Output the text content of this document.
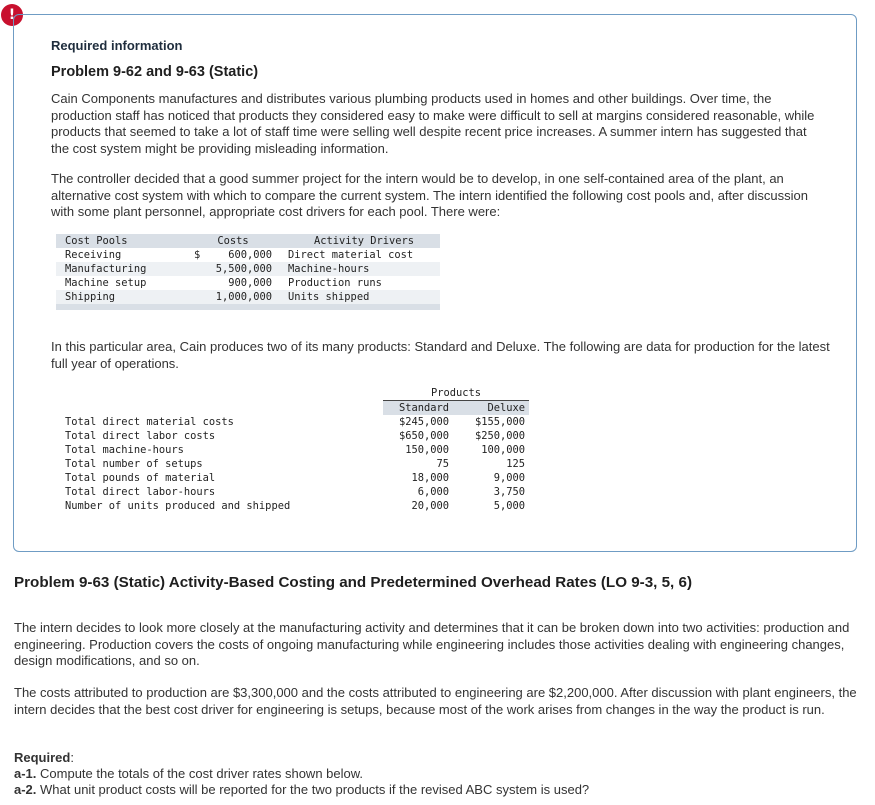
!
Required information
Problem 9-62 and 9-63 (Static)

Cain Components manufactures and distributes various plumbing products used in homes and other buildings. Over time, the production staff has noticed that products they considered easy to make were difficult to sell at margins considered reasonable, while products that seemed to take a lot of staff time were selling well despite recent price increases. A summer intern has suggested that the cost system might be providing misleading information.

The controller decided that a good summer project for the intern would be to develop, in one self-contained area of the plant, an alternative cost system with which to compare the current system. The intern identified the following cost pools and, after discussion with some plant personnel, appropriate cost drivers for each pool. There were:

Cost Pools	Costs	Activity Drivers
Receiving	$ 600,000	Direct material cost
Manufacturing	5,500,000	Machine-hours
Machine setup	900,000	Production runs
Shipping	1,000,000	Units shipped

In this particular area, Cain produces two of its many products: Standard and Deluxe. The following are data for production for the latest full year of operations.

	Products	
	Standard	Deluxe
Total direct material costs	$245,000	$155,000
Total direct labor costs	$650,000	$250,000
Total machine-hours	150,000	100,000
Total number of setups	75	125
Total pounds of material	18,000	9,000
Total direct labor-hours	6,000	3,750
Number of units produced and shipped	20,000	5,000
Problem 9-63 (Static) Activity-Based Costing and Predetermined Overhead Rates (LO 9-3, 5, 6)

The intern decides to look more closely at the manufacturing activity and determines that it can be broken down into two activities: production and engineering. Production covers the costs of ongoing manufacturing while engineering includes those activities dealing with engineering changes, design modifications, and so on.

The costs attributed to production are $3,300,000 and the costs attributed to engineering are $2,200,000. After discussion with plant engineers, the intern decides that the best cost driver for engineering is setups, because most of the work arises from changes in the way the product is run.

Required:

a-1. Compute the totals of the cost driver rates shown below.

a-2. What unit product costs will be reported for the two products if the revised ABC system is used?
